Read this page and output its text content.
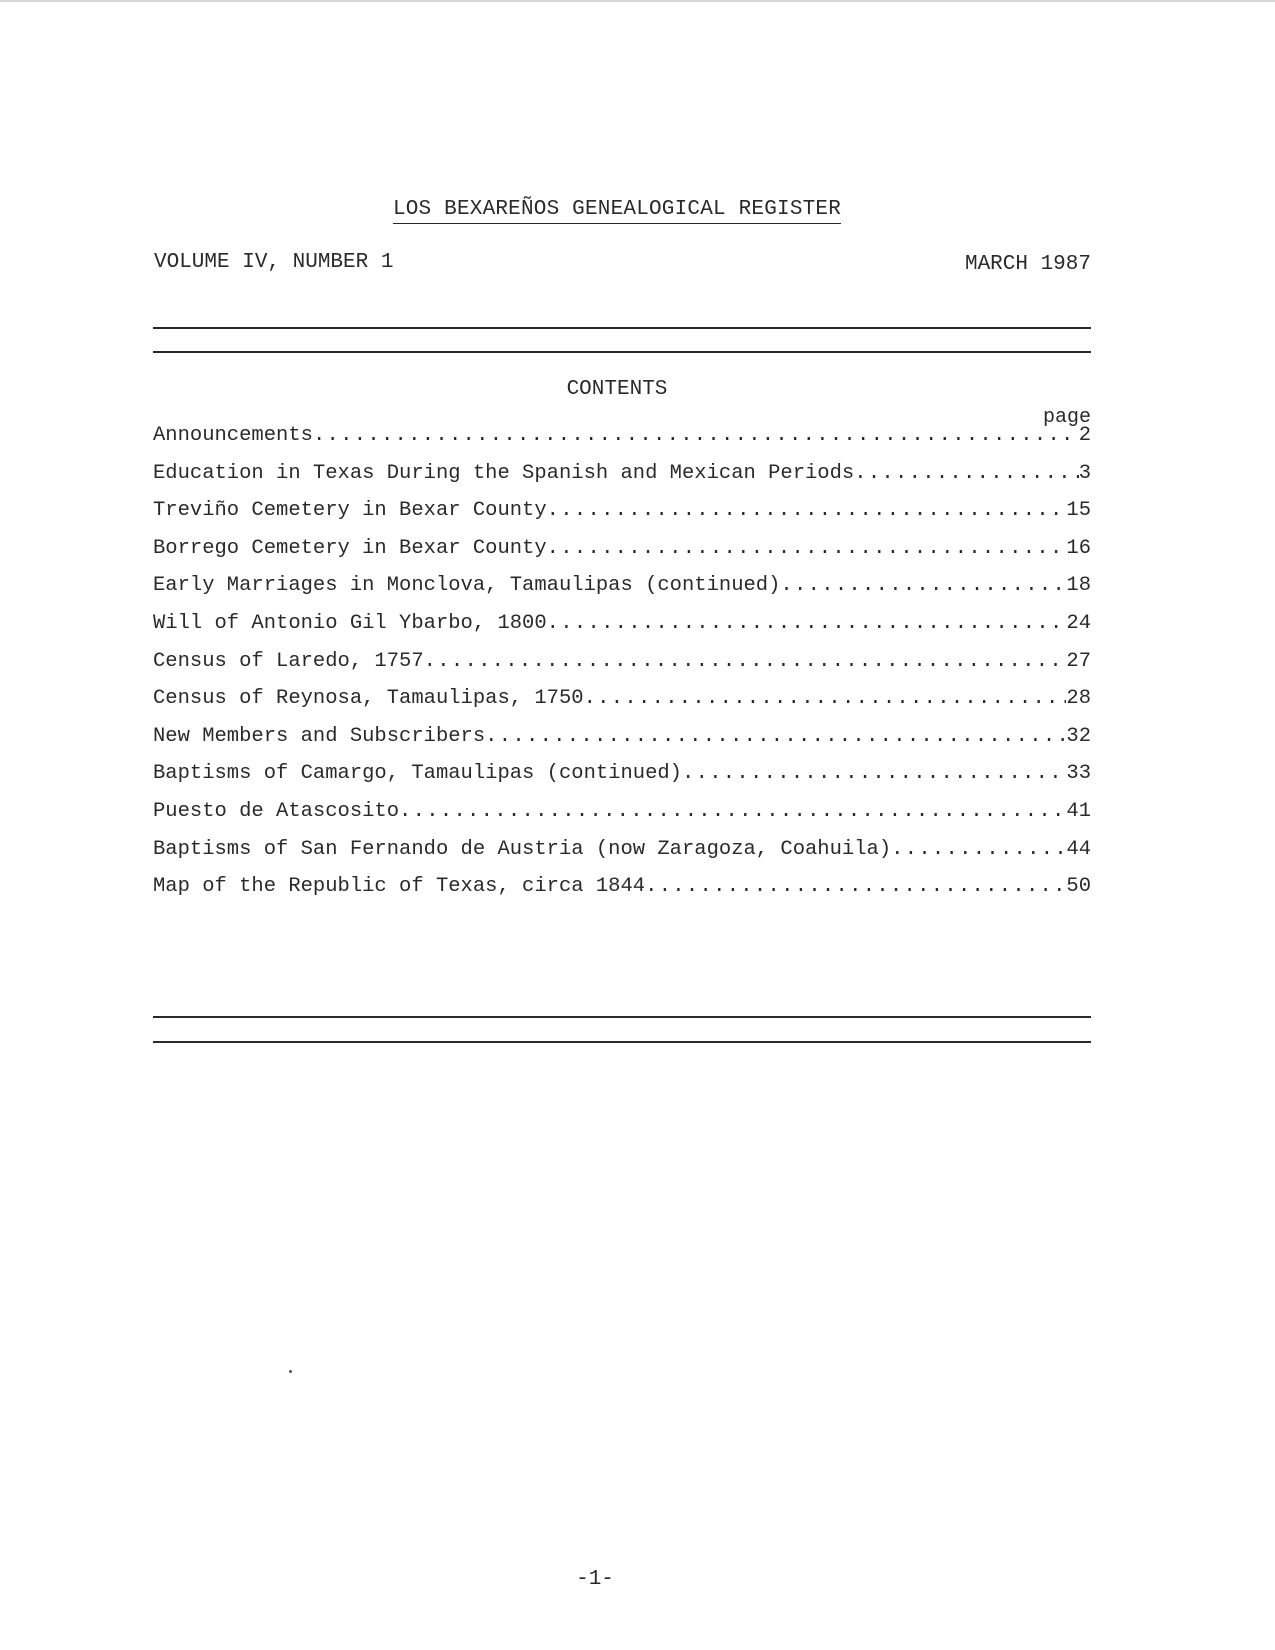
LOS BEXAREÑOS GENEALOGICAL REGISTER
VOLUME IV, NUMBER 1	MARCH 1987
CONTENTS
page
Announcements .....	2
Education in Texas During the Spanish and Mexican Periods .....	3
Treviño Cemetery in Bexar County .....	15
Borrego Cemetery in Bexar County .....	16
Early Marriages in Monclova, Tamaulipas (continued) .....	18
Will of Antonio Gil Ybarbo, 1800 .....	24
Census of Laredo, 1757 .....	27
Census of Reynosa, Tamaulipas, 1750 .....	28
New Members and Subscribers .....	32
Baptisms of Camargo, Tamaulipas (continued) .....	33
Puesto de Atascosito .....	41
Baptisms of San Fernando de Austria (now Zaragoza, Coahuila) .....	44
Map of the Republic of Texas, circa 1844 .....	50
-1-
